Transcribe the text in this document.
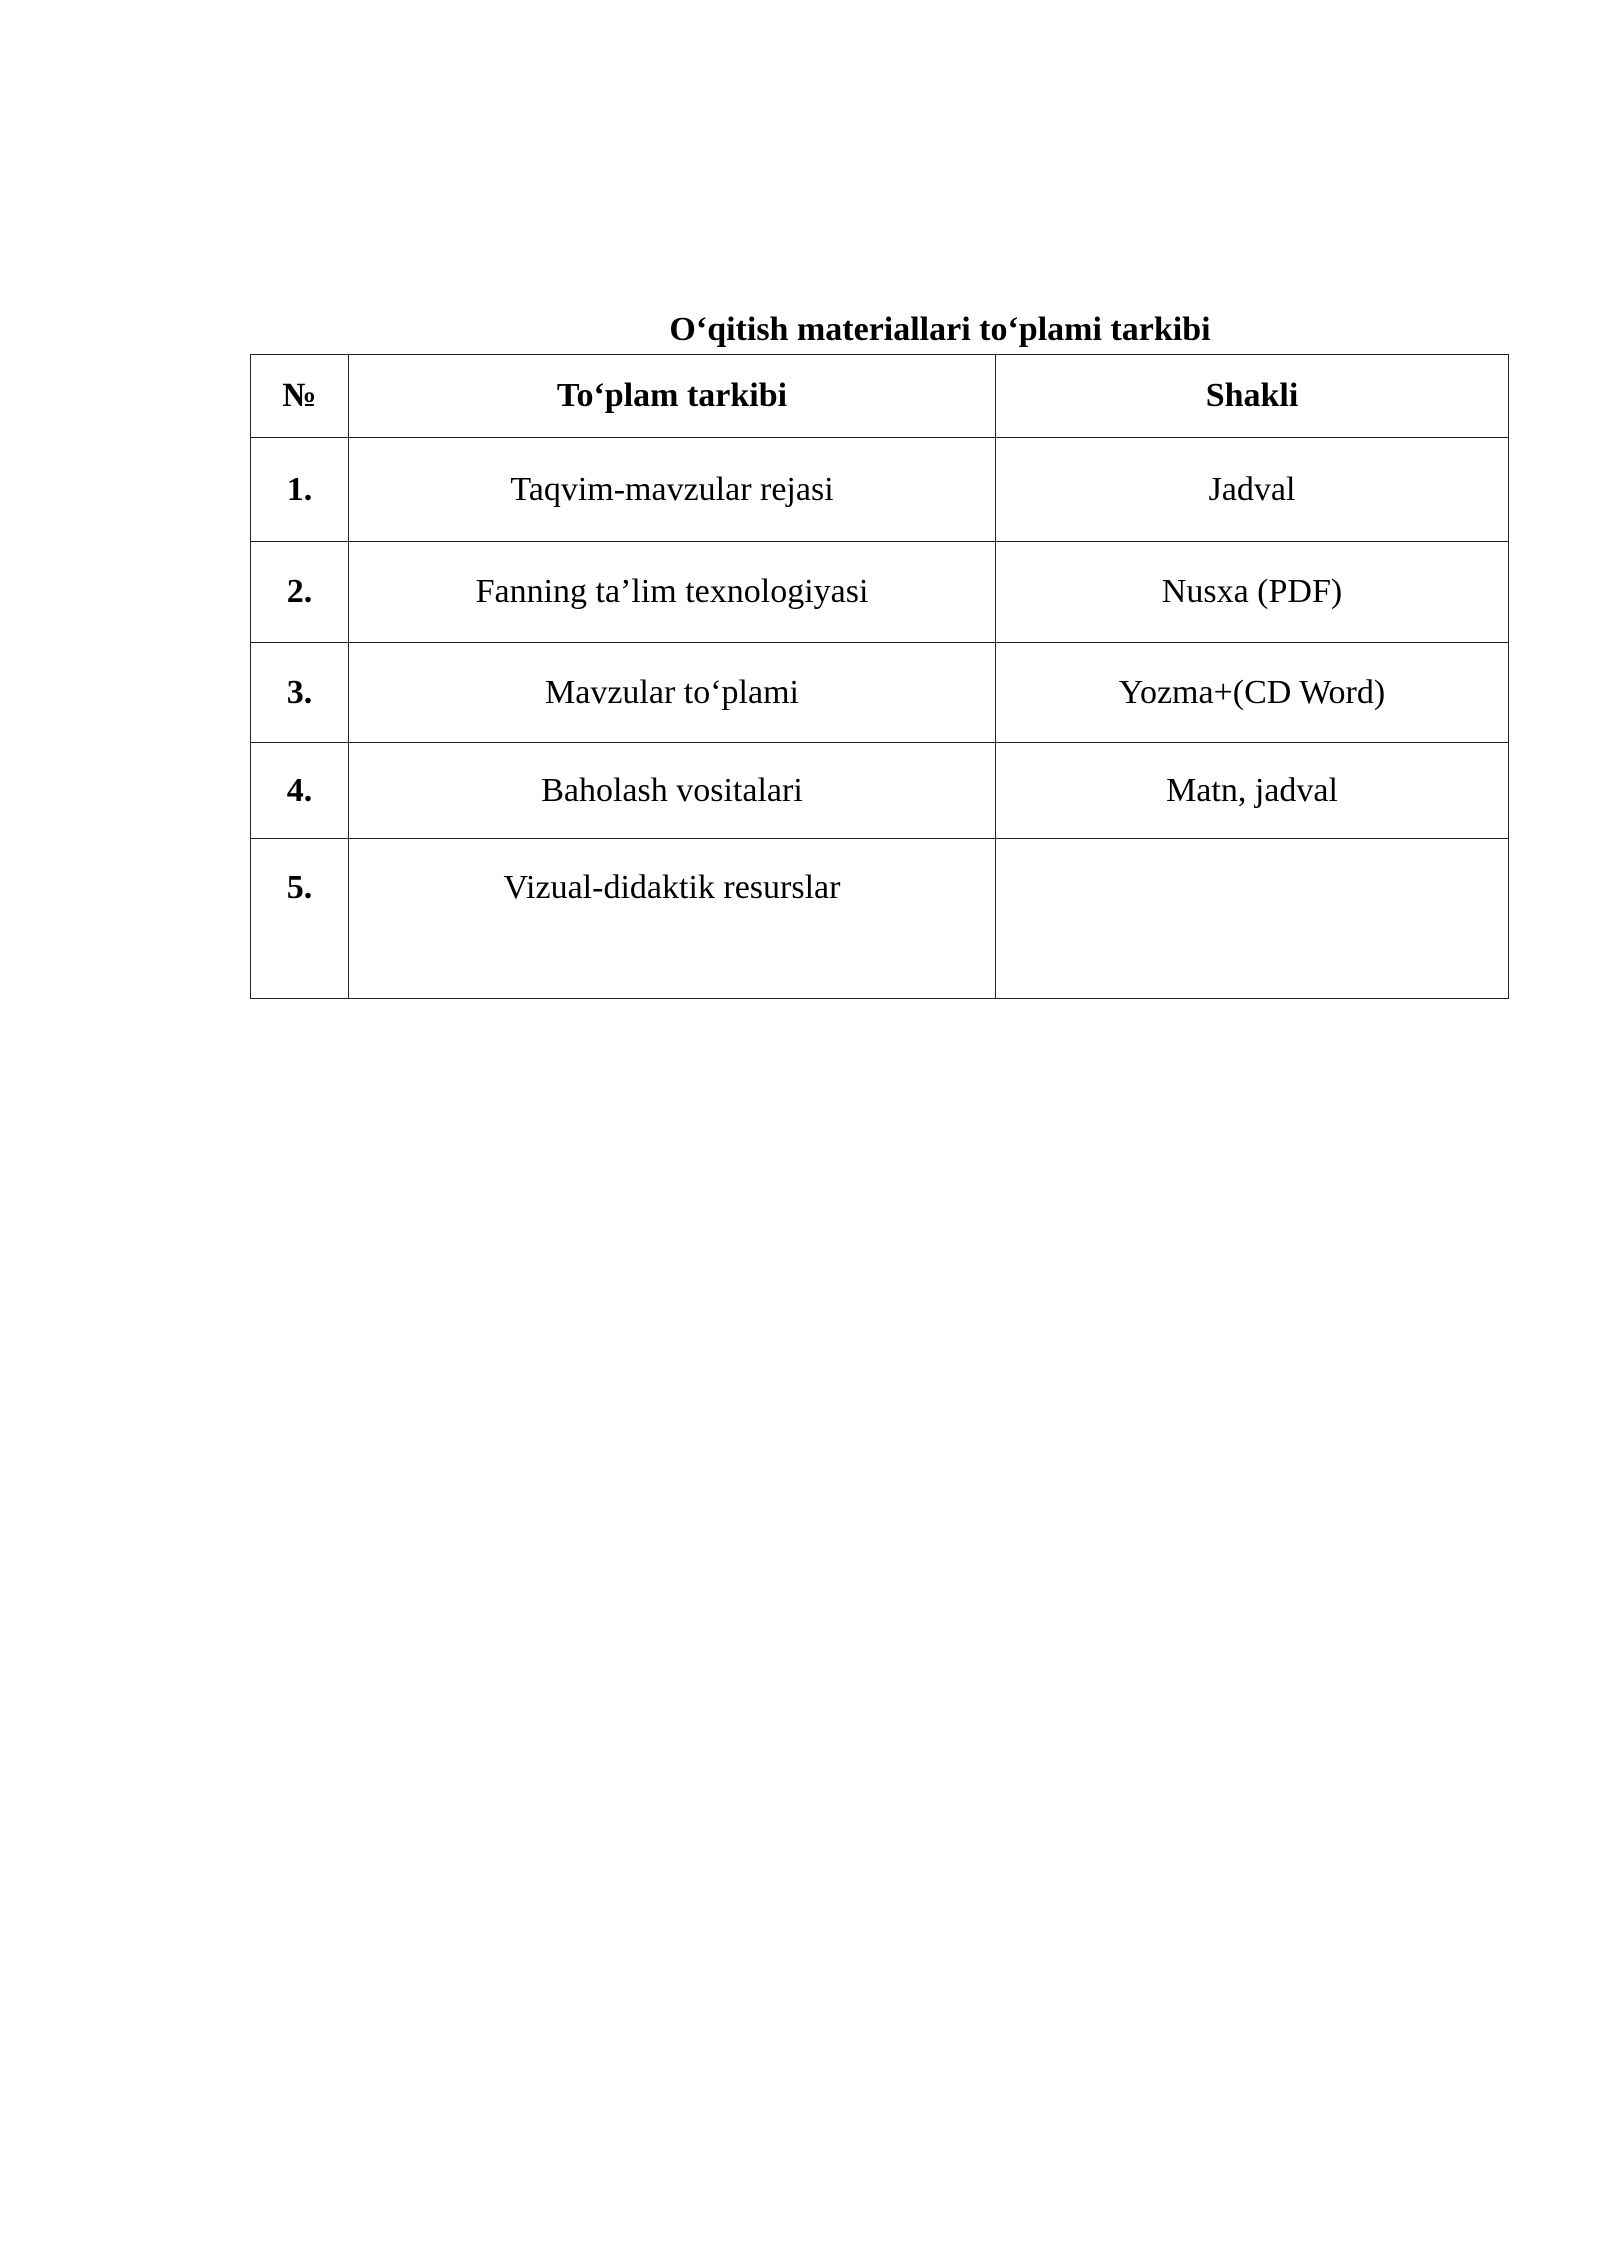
O‘qitish materiallari to‘plami tarkibi
№	To‘plam tarkibi	Shakli
1.	Taqvim-mavzular rejasi	Jadval
2.	Fanning ta’lim texnologiyasi	Nusxa (PDF)
3.	Mavzular to‘plami	Yozma+(CD Word)
4.	Baholash vositalari	Matn, jadval

5.	Vizual-didaktik resurslar	
